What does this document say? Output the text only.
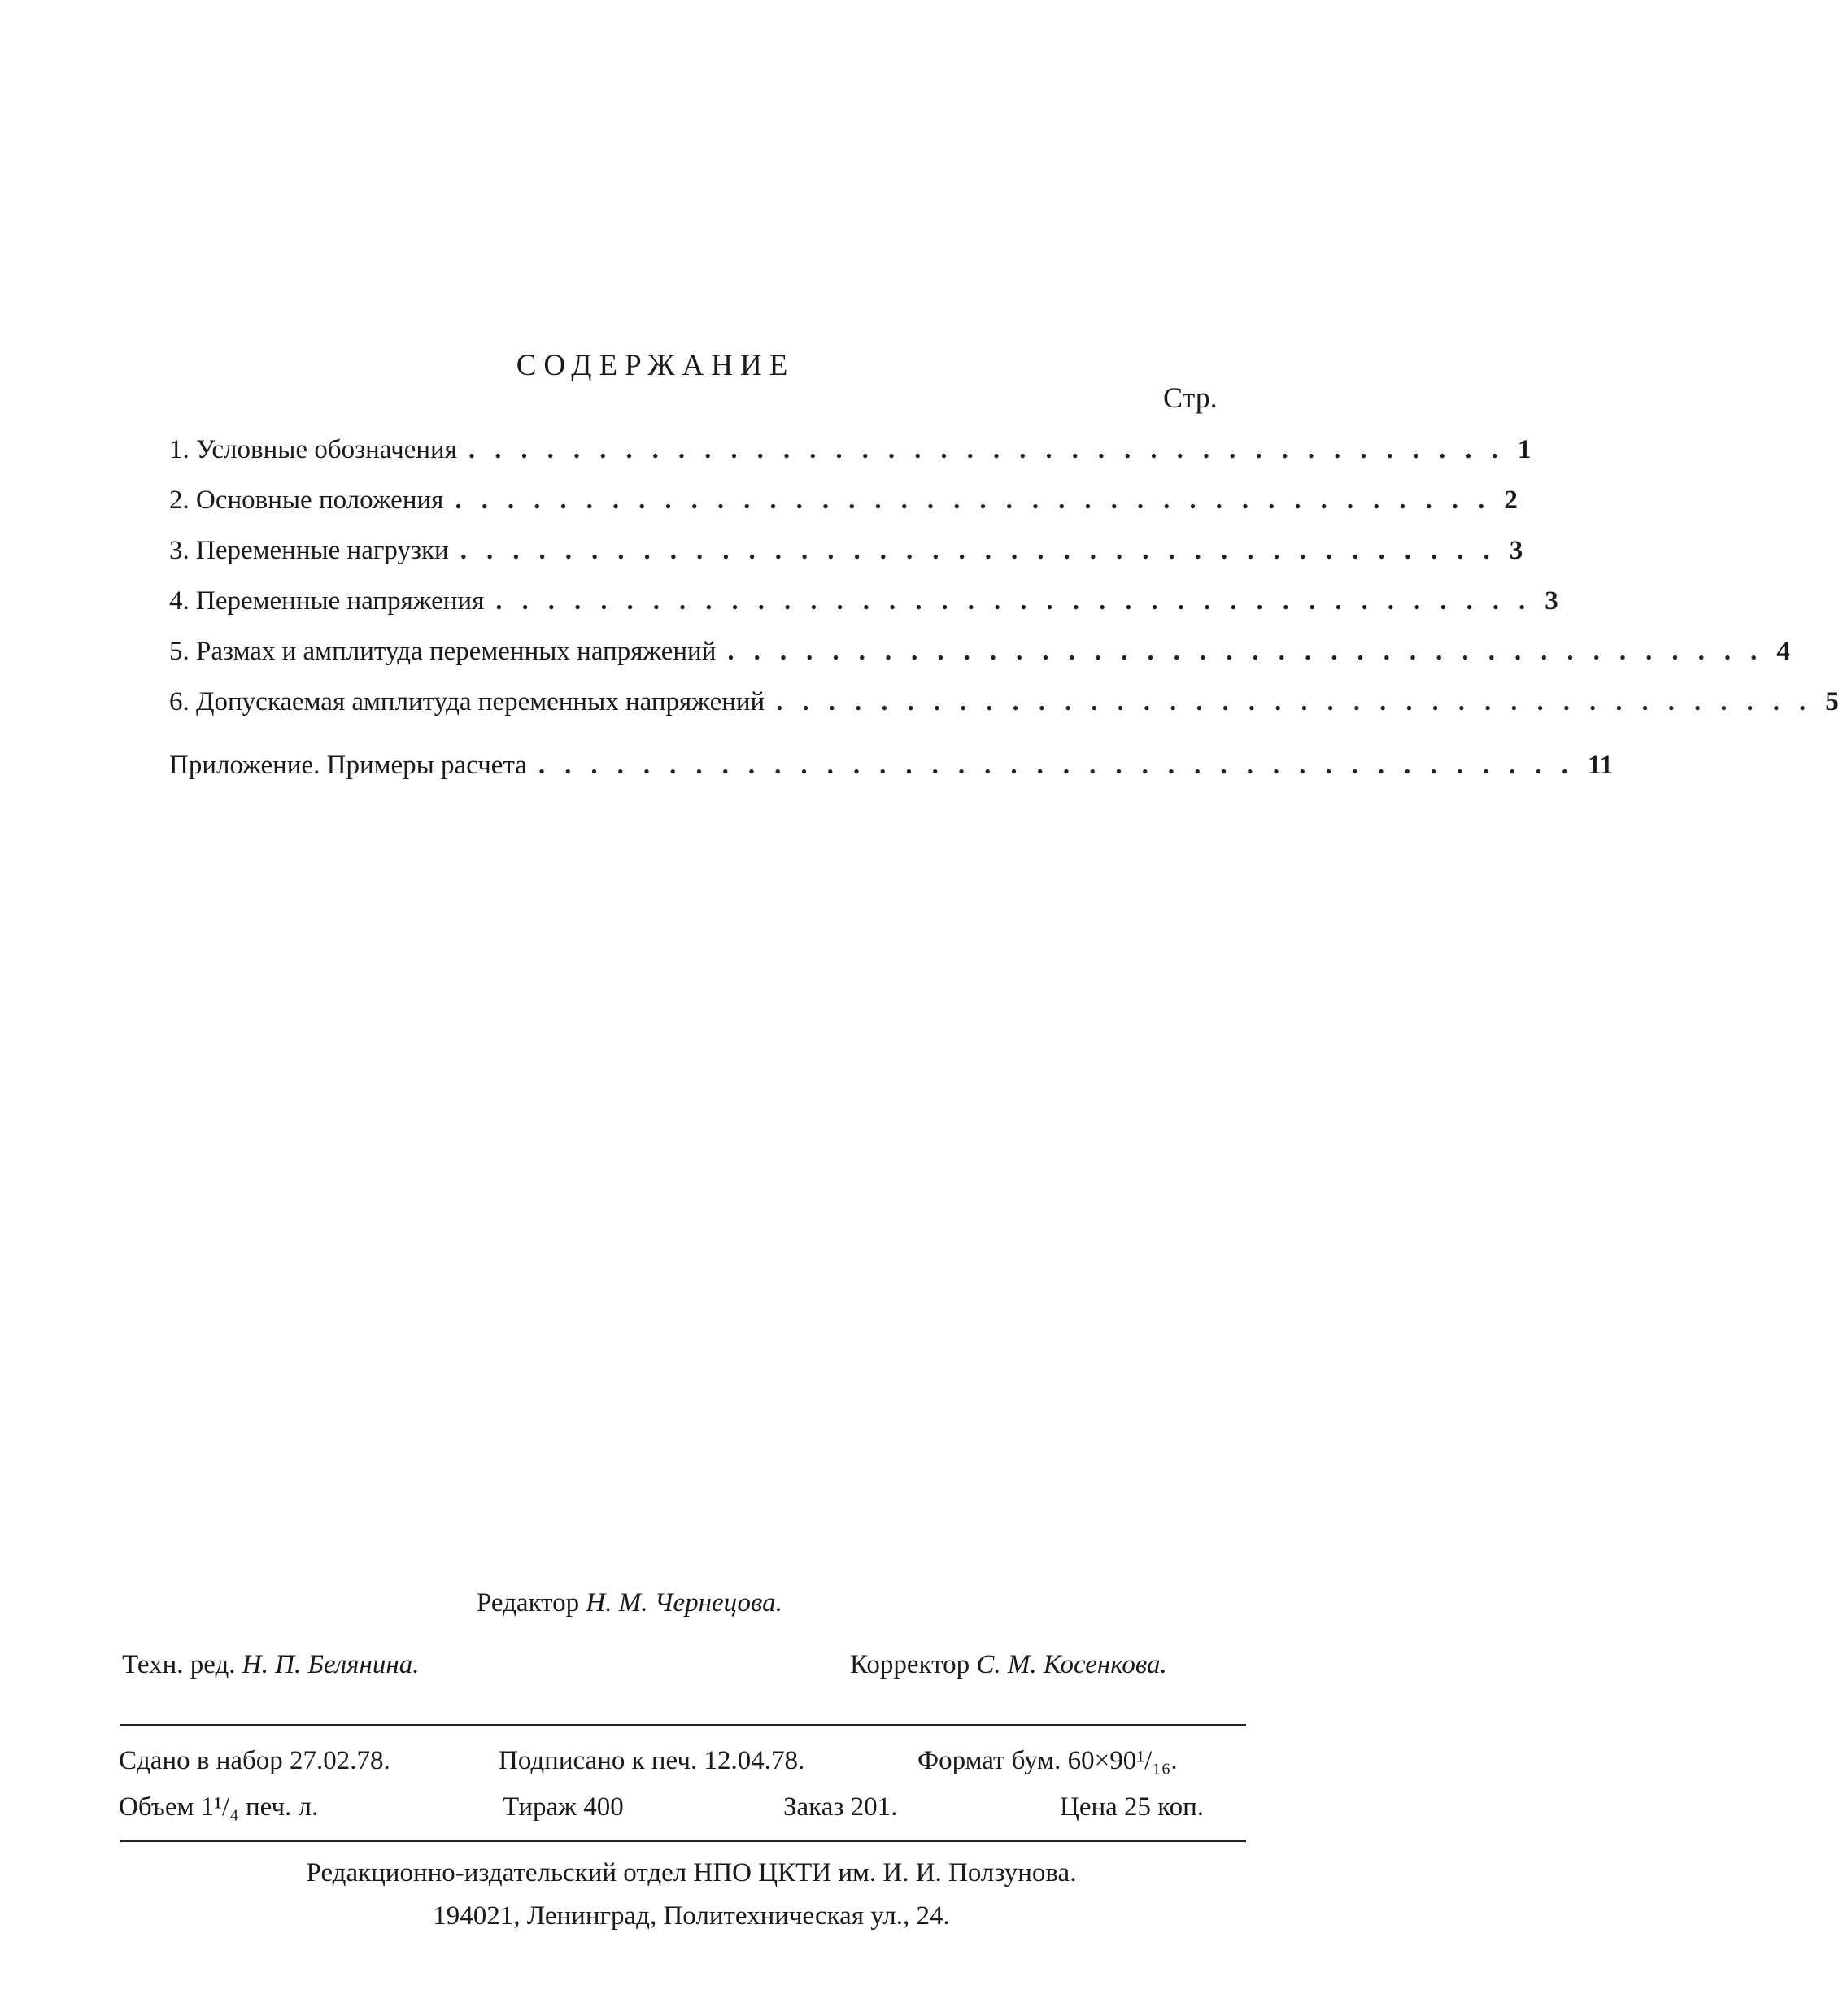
СОДЕРЖАНИЕ
Стр.
1. Условные обозначения ........................................ 1
2. Основные положения ........................................ 2
3. Переменные нагрузки ........................................ 3
4. Переменные напряжения ........................................ 3
5. Размах и амплитуда переменных напряжений ........................................ 4
6. Допускаемая амплитуда переменных напряжений ........................................ 5
Приложение. Примеры расчета ........................................ 11
Редактор Н. М. Чернецова.
Техн. ред. Н. П. Белянина.	Корректор С. М. Косенкова.
Сдано в набор 27.02.78.	Подписано к печ. 12.04.78.	Формат бум. 60×90¹/₁₆.
Объем 1¹/₄ печ. л.	Тираж 400	Заказ 201.	Цена 25 коп.
Редакционно-издательский отдел НПО ЦКТИ им. И. И. Ползунова.
194021, Ленинград, Политехническая ул., 24.
